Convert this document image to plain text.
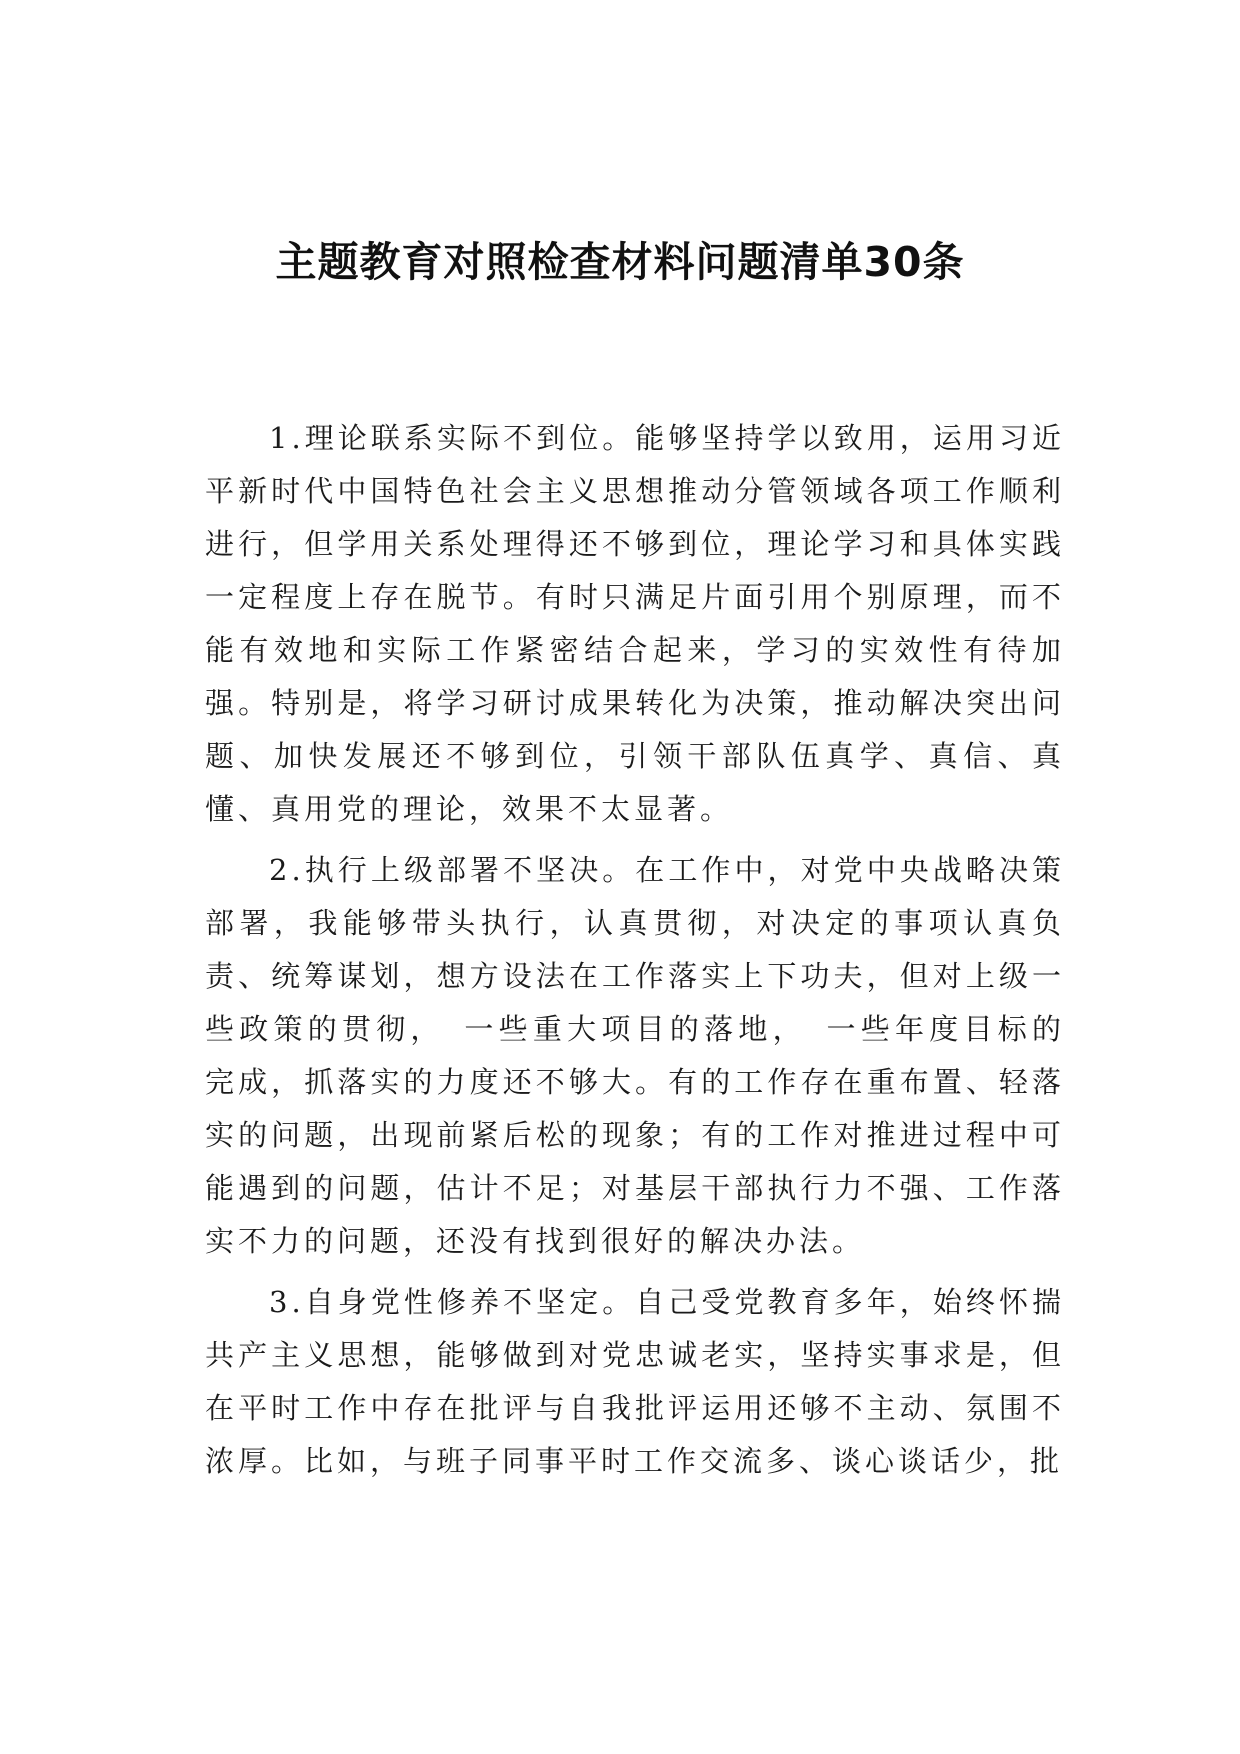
主题教育对照检查材料问题清单30条

1.理论联系实际不到位。能够坚持学以致用，运用习近平新时代中国特色社会主义思想推动分管领域各项工作顺利进行，但学用关系处理得还不够到位，理论学习和具体实践一定程度上存在脱节。有时只满足片面引用个别原理，而不能有效地和实际工作紧密结合起来，学习的实效性有待加强。特别是，将学习研讨成果转化为决策，推动解决突出问题、加快发展还不够到位，引领干部队伍真学、真信、真懂、真用党的理论，效果不太显著。

2.执行上级部署不坚决。在工作中，对党中央战略决策部署，我能够带头执行，认真贯彻，对决定的事项认真负责、统筹谋划，想方设法在工作落实上下功夫，但对上级一些政策的贯彻，　一些重大项目的落地，　一些年度目标的完成，抓落实的力度还不够大。有的工作存在重布置、轻落实的问题，出现前紧后松的现象；有的工作对推进过程中可能遇到的问题，估计不足；对基层干部执行力不强、工作落实不力的问题，还没有找到很好的解决办法。

3.自身党性修养不坚定。自己受党教育多年，始终怀揣共产主义思想，能够做到对党忠诚老实，坚持实事求是，但在平时工作中存在批评与自我批评运用还够不主动、氛围不浓厚。比如，与班子同事平时工作交流多、谈心谈话少，批
